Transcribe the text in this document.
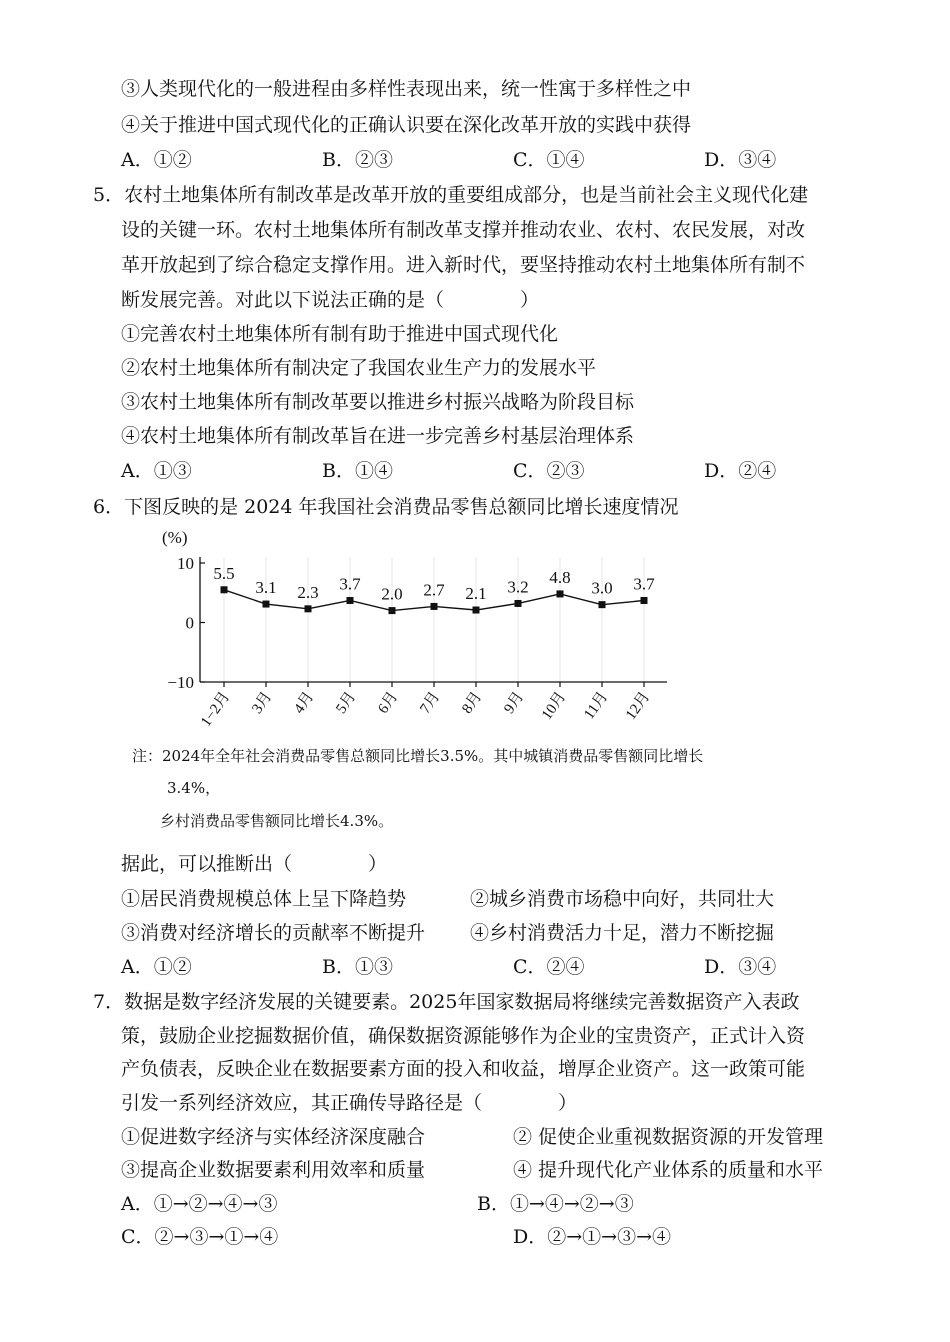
③人类现代化的一般进程由多样性表现出来，统一性寓于多样性之中
④关于推进中国式现代化的正确认识要在深化改革开放的实践中获得
A．①②	B．②③	C．①④	D．③④
5．农村土地集体所有制改革是改革开放的重要组成部分，也是当前社会主义现代化建
设的关键一环。农村土地集体所有制改革支撑并推动农业、农村、农民发展，对改
革开放起到了综合稳定支撑作用。进入新时代，要坚持推动农村土地集体所有制不
断发展完善。对此以下说法正确的是（　　　　）
①完善农村土地集体所有制有助于推进中国式现代化
②农村土地集体所有制决定了我国农业生产力的发展水平
③农村土地集体所有制改革要以推进乡村振兴战略为阶段目标
④农村土地集体所有制改革旨在进一步完善乡村基层治理体系
A．①③	B．①④	C．②③	D．②④
6．下图反映的是 2024 年我国社会消费品零售总额同比增长速度情况
(%)
10
0
−10
5.5
3.1 2.3 3.7
2.0 2.7 2.1 3.2
4.8
3.0 3.7
1−2月 3月 4月 5月 6月 7月 8月 9月 10月 11月 12月
注：2024年全年社会消费品零售总额同比增长3.5%。其中城镇消费品零售额同比增长
3.4%，
乡村消费品零售额同比增长4.3%。
据此，可以推断出（　　　　）
①居民消费规模总体上呈下降趋势	②城乡消费市场稳中向好，共同壮大
③消费对经济增长的贡献率不断提升 ④乡村消费活力十足，潜力不断挖掘
A．①②	B．①③	C．②④	D．③④
7．数据是数字经济发展的关键要素。2025年国家数据局将继续完善数据资产入表政
策，鼓励企业挖掘数据价值，确保数据资源能够作为企业的宝贵资产，正式计入资
产负债表，反映企业在数据要素方面的投入和收益，增厚企业资产。这一政策可能
引发一系列经济效应，其正确传导路径是（　　　　）
①促进数字经济与实体经济深度融合	② 促使企业重视数据资源的开发管理
③提高企业数据要素利用效率和质量	④ 提升现代化产业体系的质量和水平
A．①→②→④→③	B．①→④→②→③
C．②→③→①→④	D．②→①→③→④
